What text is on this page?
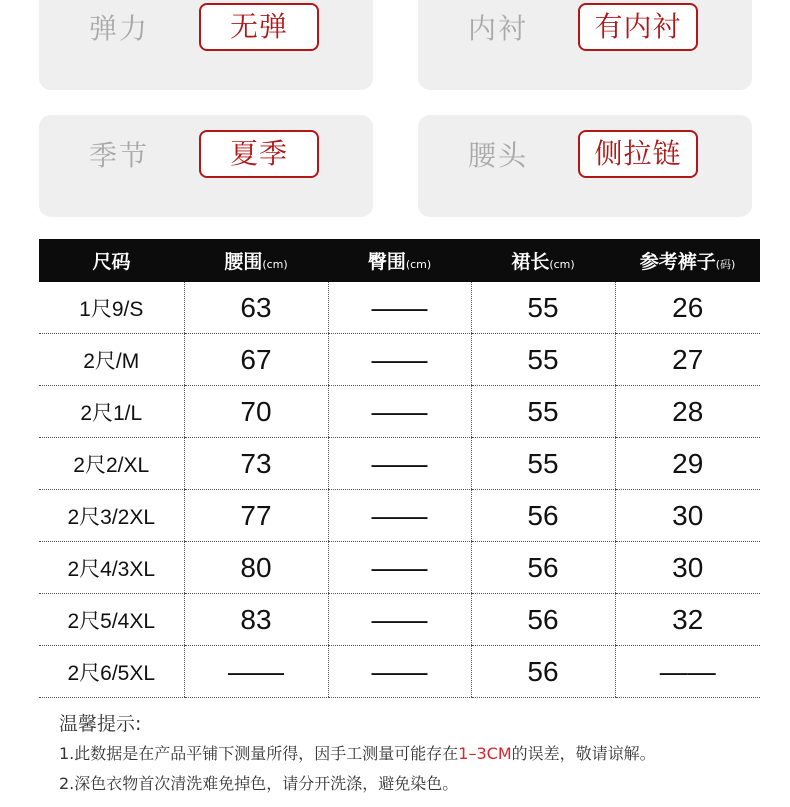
弹力	无弹	内衬	有内衬
季节	夏季	腰头	侧拉链
尺码	腰围(cm)	臀围(cm)	裙长(cm)	参考裤子(码)
1尺9/S	63	——	55	26
2尺/M	67	——	55	27
2尺1/L	70	——	55	28
2尺2/XL	73	——	55	29
2尺3/2XL	77	——	56	30
2尺4/3XL	80	——	56	30
2尺5/4XL	83	——	56	32
2尺6/5XL	——	——	56	——

温馨提示:

1.此数据是在产品平铺下测量所得，因手工测量可能存在1–3CM的误差，敬请谅解。

2.深色衣物首次清洗难免掉色，请分开洗涤，避免染色。
